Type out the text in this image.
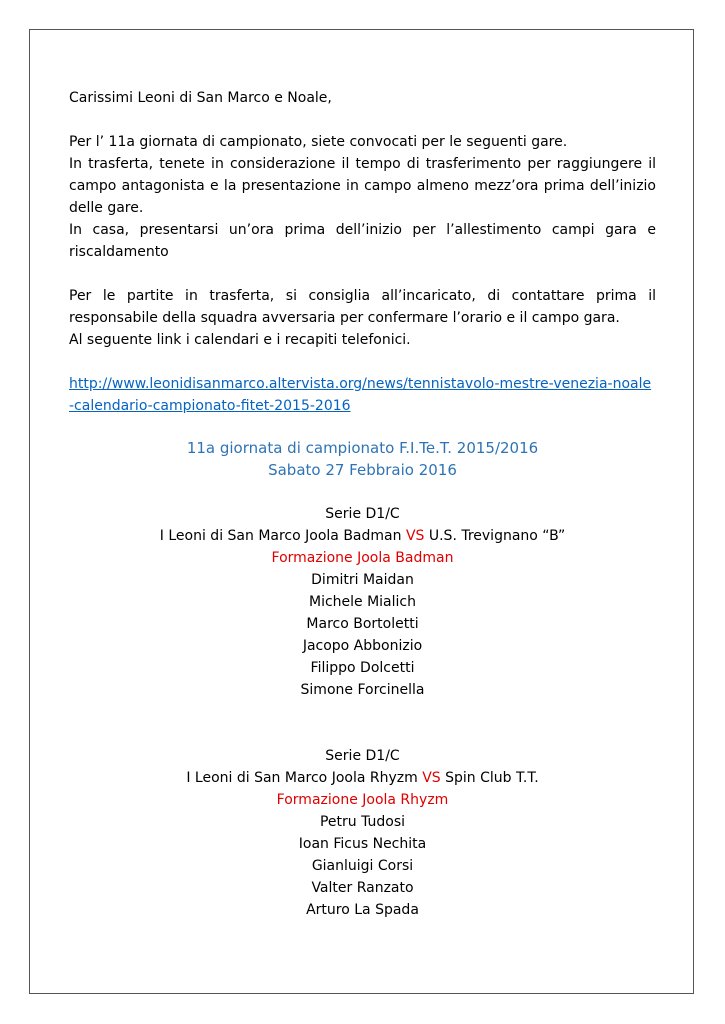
Carissimi Leoni di San Marco e Noale,

Per l’ 11a giornata di campionato, siete convocati per le seguenti gare.

In trasferta, tenete in considerazione il tempo di trasferimento per raggiungere il campo antagonista e la presentazione in campo almeno mezz’ora prima dell’inizio delle gare.

In casa, presentarsi un’ora prima dell’inizio per l’allestimento campi gara e riscaldamento

Per le partite in trasferta, si consiglia all’incaricato, di contattare prima il responsabile della squadra avversaria per confermare l’orario e il campo gara.

Al seguente link i calendari e i recapiti telefonici.

http://www.leonidisanmarco.altervista.org/news/tennistavolo-mestre-venezia-noale-calendario-campionato-fitet-2015-2016

11a giornata di campionato F.I.Te.T. 2015/2016

Sabato 27 Febbraio 2016

Serie D1/C

I Leoni di San Marco Joola Badman VS U.S. Trevignano “B”

Formazione Joola Badman

Dimitri Maidan

Michele Mialich

Marco Bortoletti

Jacopo Abbonizio

Filippo Dolcetti

Simone Forcinella

Serie D1/C

I Leoni di San Marco Joola Rhyzm VS Spin Club T.T.

Formazione Joola Rhyzm

Petru Tudosi

Ioan Ficus Nechita

Gianluigi Corsi

Valter Ranzato

Arturo La Spada
